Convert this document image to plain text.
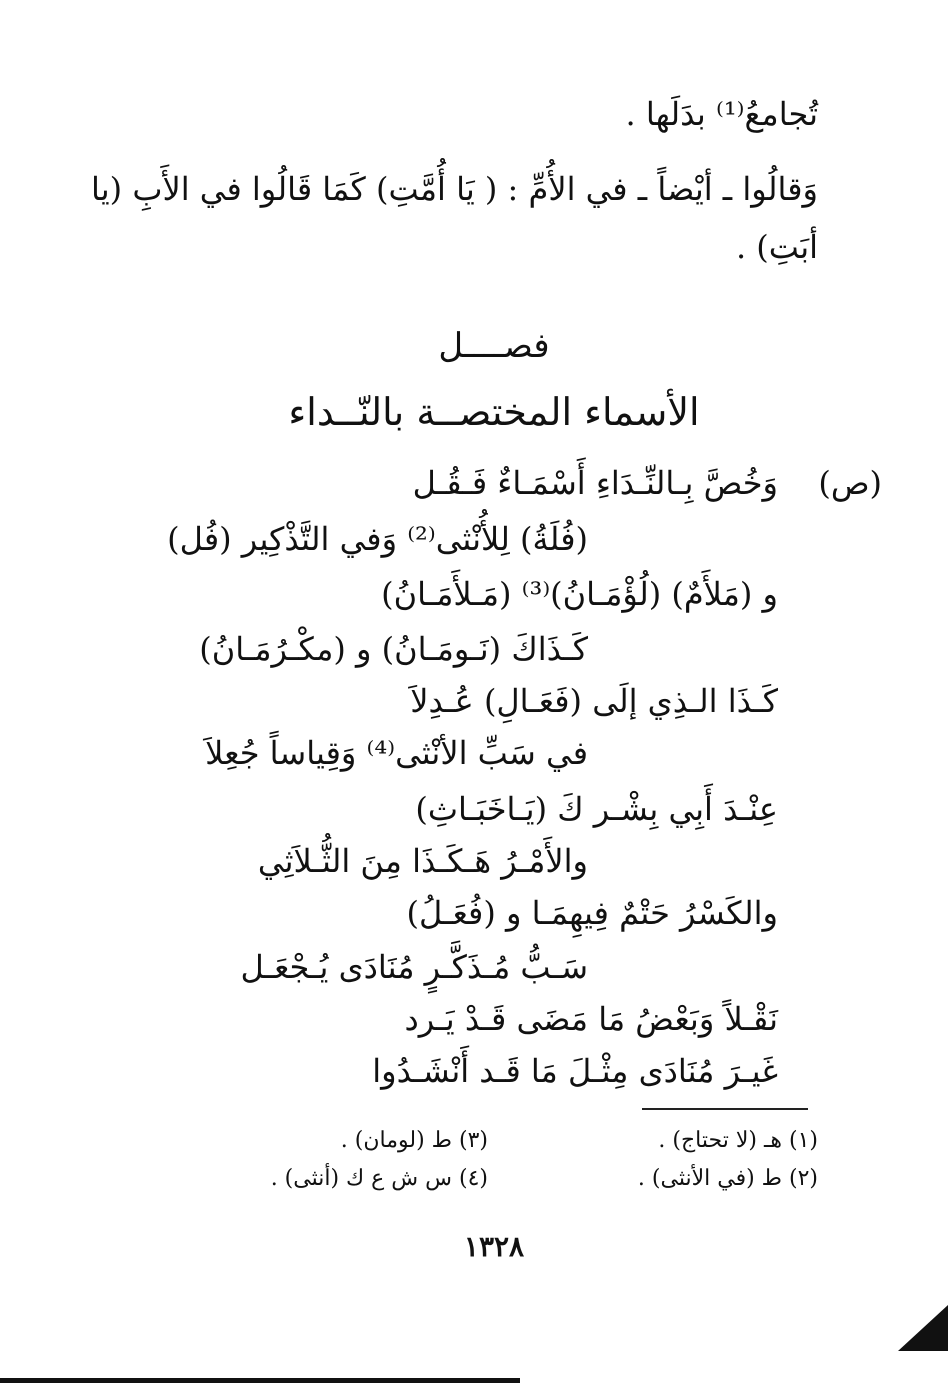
تُجامعُ⁽¹⁾ بدَلَها .
وَقالُوا ـ أيْضاً ـ في الأُمِّ : ( يَا أُمَّتِ) كَمَا قَالُوا في الأَبِ (يا
أبَتِ) .
فصــــل
الأسماء المختصــة بالنّــداء
(ص)
وَخُصَّ بِـالنِّـدَاءِ أَسْمَـاءٌ فَـقُـل
(فُلَةُ) لِلأُنْثى⁽²⁾ وَفي التَّذْكِير (فُل)
و (مَلأَمٌ) (لُؤْمَـانُ)⁽³⁾ (مَـلأَمَـانُ)
كَـذَاكَ (نَـومَـانُ) و (مكْـرُمَـانُ)
كَـذَا الـذِي إلَى (فَعَـالِ) عُـدِلاَ
في سَبِّ الأنْثى⁽⁴⁾ وَقِياساً جُعِلاَ
عِنْـدَ أَبِي بِشْـر كَ (يَـاخَبَـاثِ)
والأَمْـرُ هَـكَـذَا مِنَ الثُّـلاَثِي
والكَسْرُ حَتْمٌ فِيهِمَـا و (فُعَـلُ)
سَـبُّ مُـذَكَّـرٍ مُنَادَى يُـجْعَـل
نَقْـلاً وَبَعْضُ مَا مَضَى قَـدْ يَـرد
غَيـرَ مُنَادَى مِثْـلَ مَا قَـد أَنْشَـدُوا
(١) هـ (لا تحتاج) .
(٣) ط (لومان) .
(٢) ط (في الأنثى) .
(٤) س ش ع ك (أنثى) .
١٣٢٨
